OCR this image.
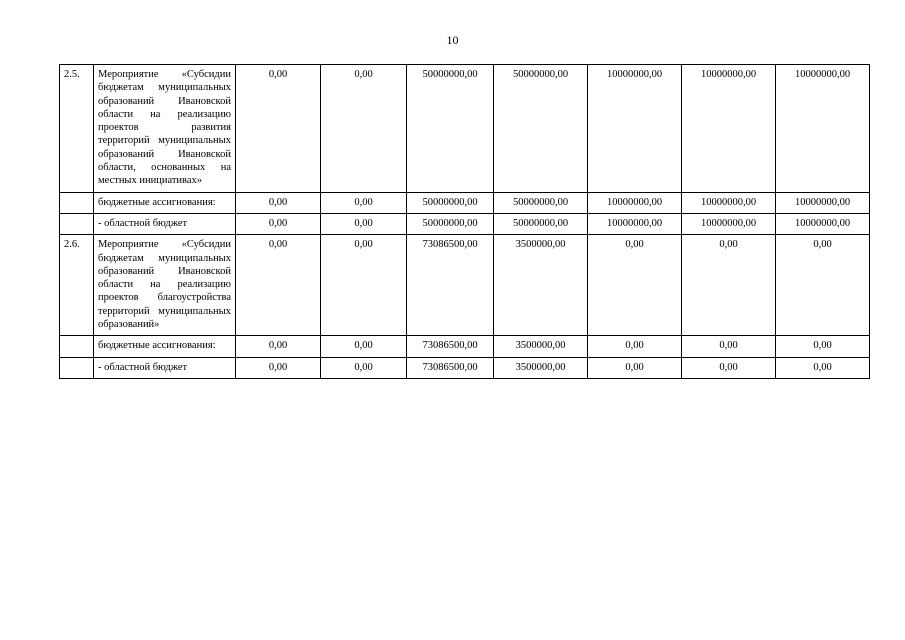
10
2.5.	Мероприятие «Субсидии бюджетам муниципальных образований Ивановской области на реализацию проектов развития территорий муниципальных образований Ивановской области, основанных на местных инициативах»	0,00	0,00	50000000,00	50000000,00	10000000,00	10000000,00	10000000,00
	бюджетные ассигнования:	0,00	0,00	50000000,00	50000000,00	10000000,00	10000000,00	10000000,00
	- областной бюджет	0,00	0,00	50000000,00	50000000,00	10000000,00	10000000,00	10000000,00
2.6.	Мероприятие «Субсидии бюджетам муниципальных образований Ивановской области на реализацию проектов благоустройства территорий муниципальных образований»	0,00	0,00	73086500,00	3500000,00	0,00	0,00	0,00
	бюджетные ассигнования:	0,00	0,00	73086500,00	3500000,00	0,00	0,00	0,00
	- областной бюджет	0,00	0,00	73086500,00	3500000,00	0,00	0,00	0,00
